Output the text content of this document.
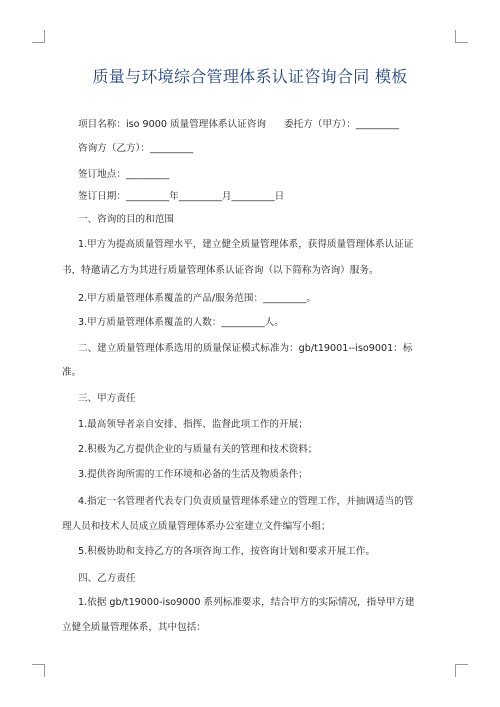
质量与环境综合管理体系认证咨询合同 模板
项目名称：iso 9000 质量管理体系认证咨询 委托方（甲方）：_________
咨询方（乙方）：_________
签订地点：_________
签订日期：_________年_________月_________日
一、咨询的目的和范围
1.甲方为提高质量管理水平，建立健全质量管理体系，获得质量管理体系认证证
书，特邀请乙方为其进行质量管理体系认证咨询（以下简称为咨询）服务。
2.甲方质量管理体系覆盖的产品/服务范围：_________。
3.甲方质量管理体系覆盖的人数：_________人。
二、建立质量管理体系选用的质量保证模式标准为：gb/t19001--iso9001：标
准。
三、甲方责任
1.最高领导者亲自安排、指挥、监督此项工作的开展；
2.积极为乙方提供企业的与质量有关的管理和技术资料；
3.提供咨询所需的工作环境和必备的生活及物质条件；
4.指定一名管理者代表专门负责质量管理体系建立的管理工作，并抽调适当的管
理人员和技术人员成立质量管理体系办公室建立文件编写小组；
5.积极协助和支持乙方的各项咨询工作，按咨询计划和要求开展工作。
四、乙方责任
1.依据 gb/t19000-iso9000 系列标准要求，结合甲方的实际情况，指导甲方建
立健全质量管理体系，其中包括：
